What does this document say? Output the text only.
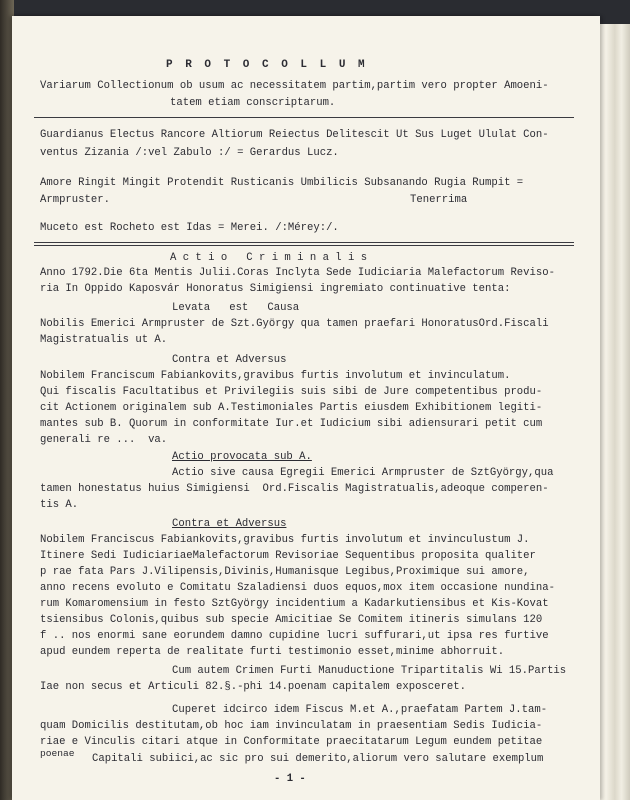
P R O T O C O L L U M
Variarum Collectionum ob usum ac necessitatem partim,partim vero propter Amoeni-
tatem etiam conscriptarum.
Guardianus Electus Rancore Altiorum Reiectus Delitescit Ut Sus Luget Ululat Con-
ventus Zizania /:vel Zabulo :/ = Gerardus Lucz.
Amore Ringit Mingit Protendit Rusticanis Umbilicis Subsanando Rugia Rumpit =
Armpruster.	Tenerrima
Muceto est Rocheto est Idas = Merei. /:Mérey:/.
A c t i o   C r i m i n a l i s
Anno 1792.Die 6ta Mentis Julii.Coras Inclyta Sede Iudiciaria Malefactorum Reviso-
ria In Oppido Kaposvár Honoratus Simigiensi ingremiato continuative tenta:
Levata   est   Causa
Nobilis Emerici Armpruster de Szt.György qua tamen praefari HonoratusOrd.Fiscali
Magistratualis ut A.
Contra et Adversus
Nobilem Franciscum Fabiankovits,gravibus furtis involutum et invinculatum.
Qui fiscalis Facultatibus et Privilegiis suis sibi de Jure competentibus produ-
cit Actionem originalem sub A.Testimoniales Partis eiusdem Exhibitionem legiti-
mantes sub B. Quorum in conformitate Iur.et Iudicium sibi adiensurari petit cum
generali re ...  va.
Actio provocata sub A.
Actio sive causa Egregii Emerici Armpruster de SztGyörgy,qua
tamen honestatus huius Simigiensi  Ord.Fiscalis Magistratualis,adeoque comperen-
tis A.
Contra et Adversus
Nobilem Franciscus Fabiankovits,gravibus furtis involutum et invinculustum J.
Itinere Sedi IudiciariaeMalefactorum Revisoriae Sequentibus proposita qualiter
p rae fata Pars J.Vilipensis,Divinis,Humanisque Legibus,Proximique sui amore,
anno recens evoluto e Comitatu Szaladiensi duos equos,mox item occasione nundina-
rum Komaromensium in festo SztGyörgy incidentium a Kadarkutiensibus et Kis-Kovat
tsiensibus Colonis,quibus sub specie Amicitiae Se Comitem itineris simulans 120
f .. nos enormi sane eorundem damno cupidine lucri suffurari,ut ipsa res furtive
apud eundem reperta de realitate furti testimonio esset,minime abhorruit.
Cum autem Crimen Furti Manuductione Tripartitalis Wi 15.Partis
Iae non secus et Articuli 82.§.-phi 14.poenam capitalem exposceret.
Cuperet idcirco idem Fiscus M.et A.,praefatam Partem J.tam-
quam Domicilis destitutam,ob hoc iam invinculatam in praesentiam Sedis Iudicia-
riae e Vinculis citari atque in Conformitate praecitatarum Legum eundem petitae
poenae Capitali subiici,ac sic pro sui demerito,aliorum vero salutare exemplum
- 1 -
